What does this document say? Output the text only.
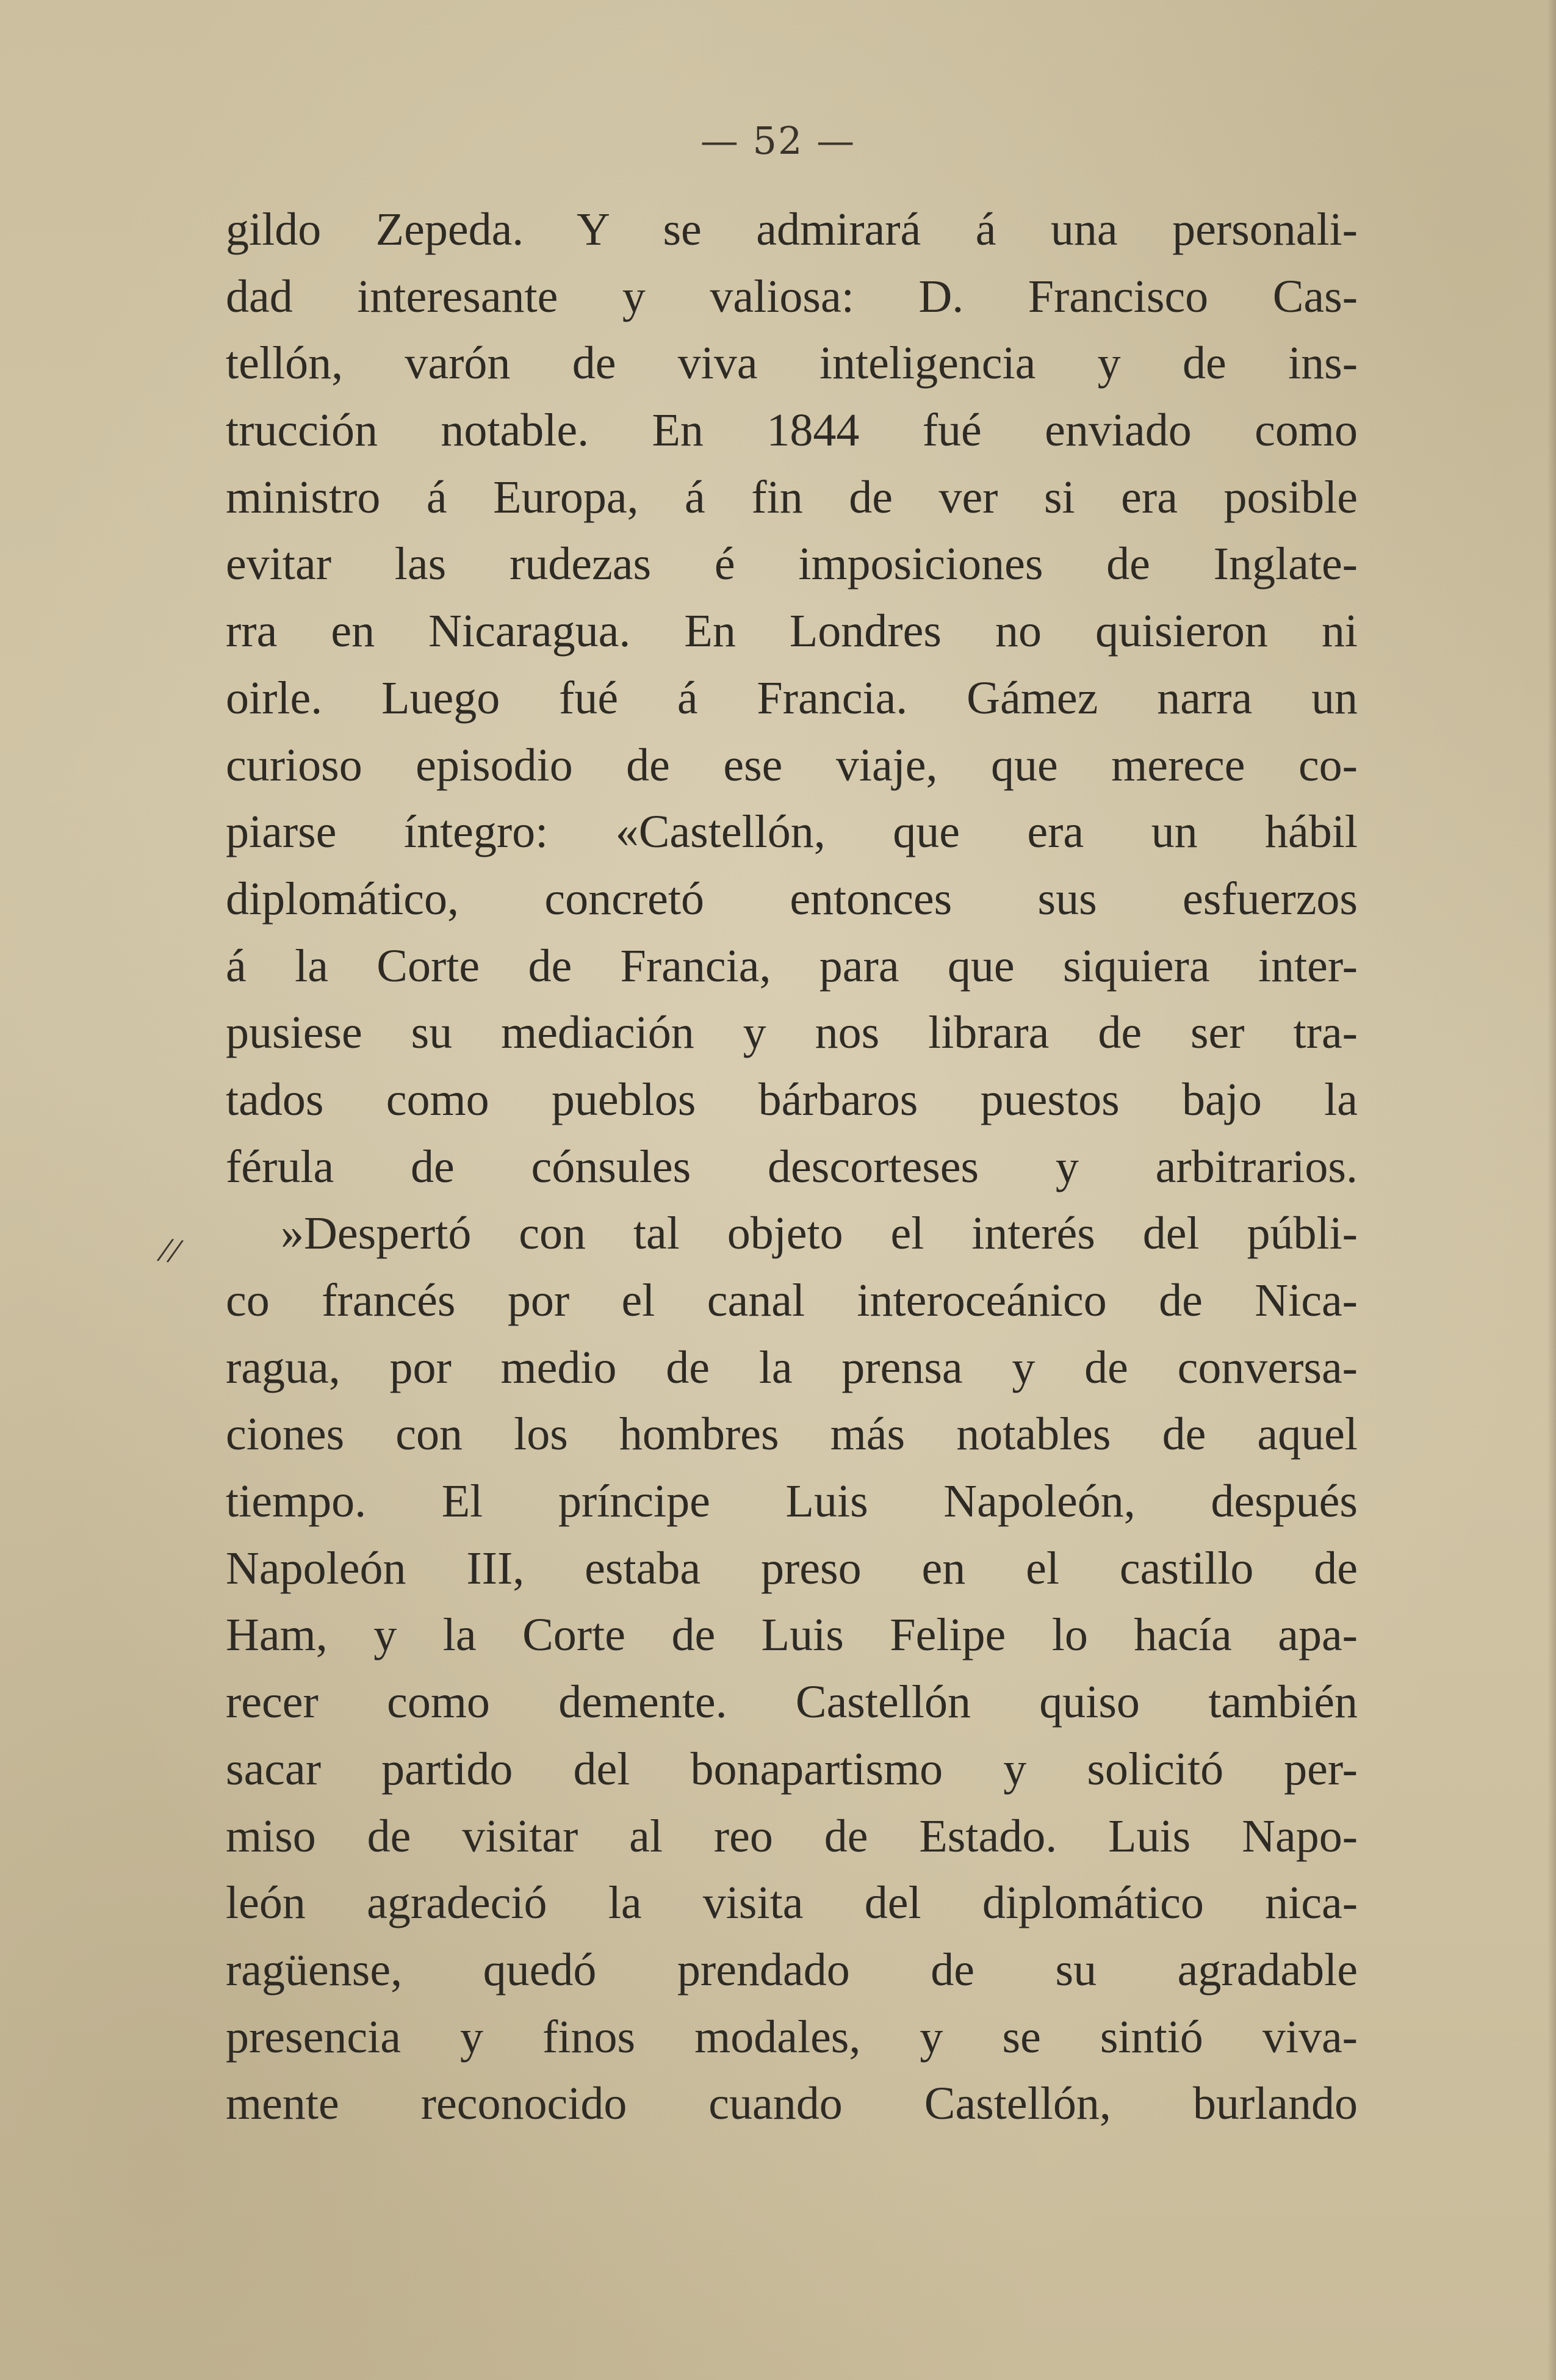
— 52 —
//
gildo Zepeda. Y se admirará á una personali-
dad interesante y valiosa: D. Francisco Cas-
tellón, varón de viva inteligencia y de ins-
trucción notable. En 1844 fué enviado como
ministro á Europa, á fin de ver si era posible
evitar las rudezas é imposiciones de Inglate-
rra en Nicaragua. En Londres no quisieron ni
oirle. Luego fué á Francia. Gámez narra un
curioso episodio de ese viaje, que merece co-
piarse íntegro: «Castellón, que era un hábil
diplomático, concretó entonces sus esfuerzos
á la Corte de Francia, para que siquiera inter-
pusiese su mediación y nos librara de ser tra-
tados como pueblos bárbaros puestos bajo la
férula de cónsules descorteses y arbitrarios.
»Despertó con tal objeto el interés del públi-
co francés por el canal interoceánico de Nica-
ragua, por medio de la prensa y de conversa-
ciones con los hombres más notables de aquel
tiempo. El príncipe Luis Napoleón, después
Napoleón III, estaba preso en el castillo de
Ham, y la Corte de Luis Felipe lo hacía apa-
recer como demente. Castellón quiso también
sacar partido del bonapartismo y solicitó per-
miso de visitar al reo de Estado. Luis Napo-
león agradeció la visita del diplomático nica-
ragüense, quedó prendado de su agradable
presencia y finos modales, y se sintió viva-
mente reconocido cuando Castellón, burlando
